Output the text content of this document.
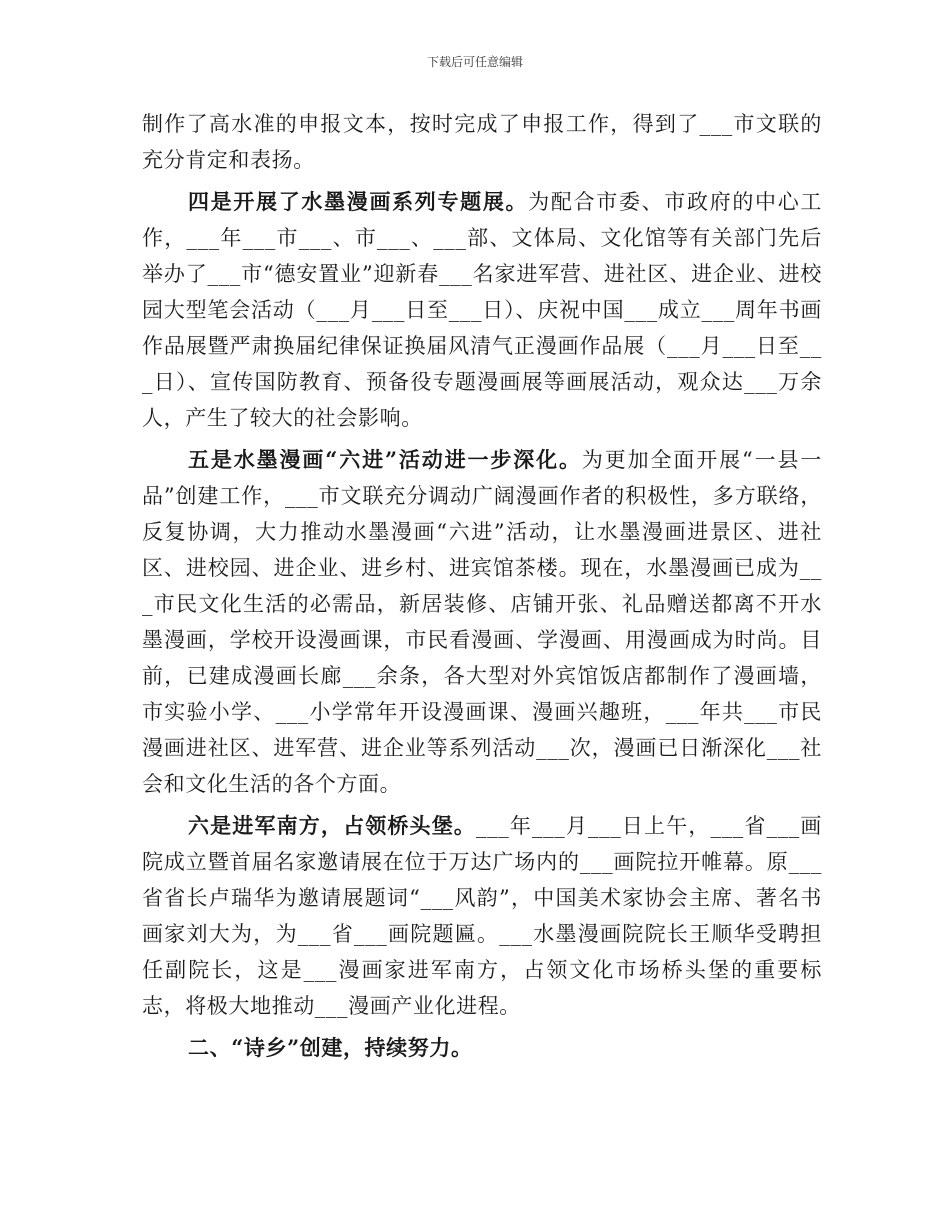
下载后可任意编辑

制作了高水准的申报文本，按时完成了申报工作，得到了___市文联的充分肯定和表扬。

四是开展了水墨漫画系列专题展。为配合市委、市政府的中心工作，___年___市___、市___、___部、文体局、文化馆等有关部门先后举办了___市“德安置业”迎新春___名家进军营、进社区、进企业、进校园大型笔会活动（___月___日至___日）、庆祝中国___成立___周年书画作品展暨严肃换届纪律保证换届风清气正漫画作品展（___月___日至___日）、宣传国防教育、预备役专题漫画展等画展活动，观众达___万余人，产生了较大的社会影响。

五是水墨漫画“六进”活动进一步深化。为更加全面开展“一县一品”创建工作，___市文联充分调动广阔漫画作者的积极性，多方联络，反复协调，大力推动水墨漫画“六进”活动，让水墨漫画进景区、进社区、进校园、进企业、进乡村、进宾馆茶楼。现在，水墨漫画已成为___市民文化生活的必需品，新居装修、店铺开张、礼品赠送都离不开水墨漫画，学校开设漫画课，市民看漫画、学漫画、用漫画成为时尚。目前，已建成漫画长廊___余条，各大型对外宾馆饭店都制作了漫画墙，市实验小学、___小学常年开设漫画课、漫画兴趣班，___年共___市民漫画进社区、进军营、进企业等系列活动___次，漫画已日渐深化___社会和文化生活的各个方面。

六是进军南方，占领桥头堡。___年___月___日上午，___省___画院成立暨首届名家邀请展在位于万达广场内的___画院拉开帷幕。原___省省长卢瑞华为邀请展题词“___风韵”，中国美术家协会主席、著名书画家刘大为，为___省___画院题匾。___水墨漫画院院长王顺华受聘担任副院长，这是___漫画家进军南方，占领文化市场桥头堡的重要标志，将极大地推动___漫画产业化进程。

二、“诗乡”创建，持续努力。
